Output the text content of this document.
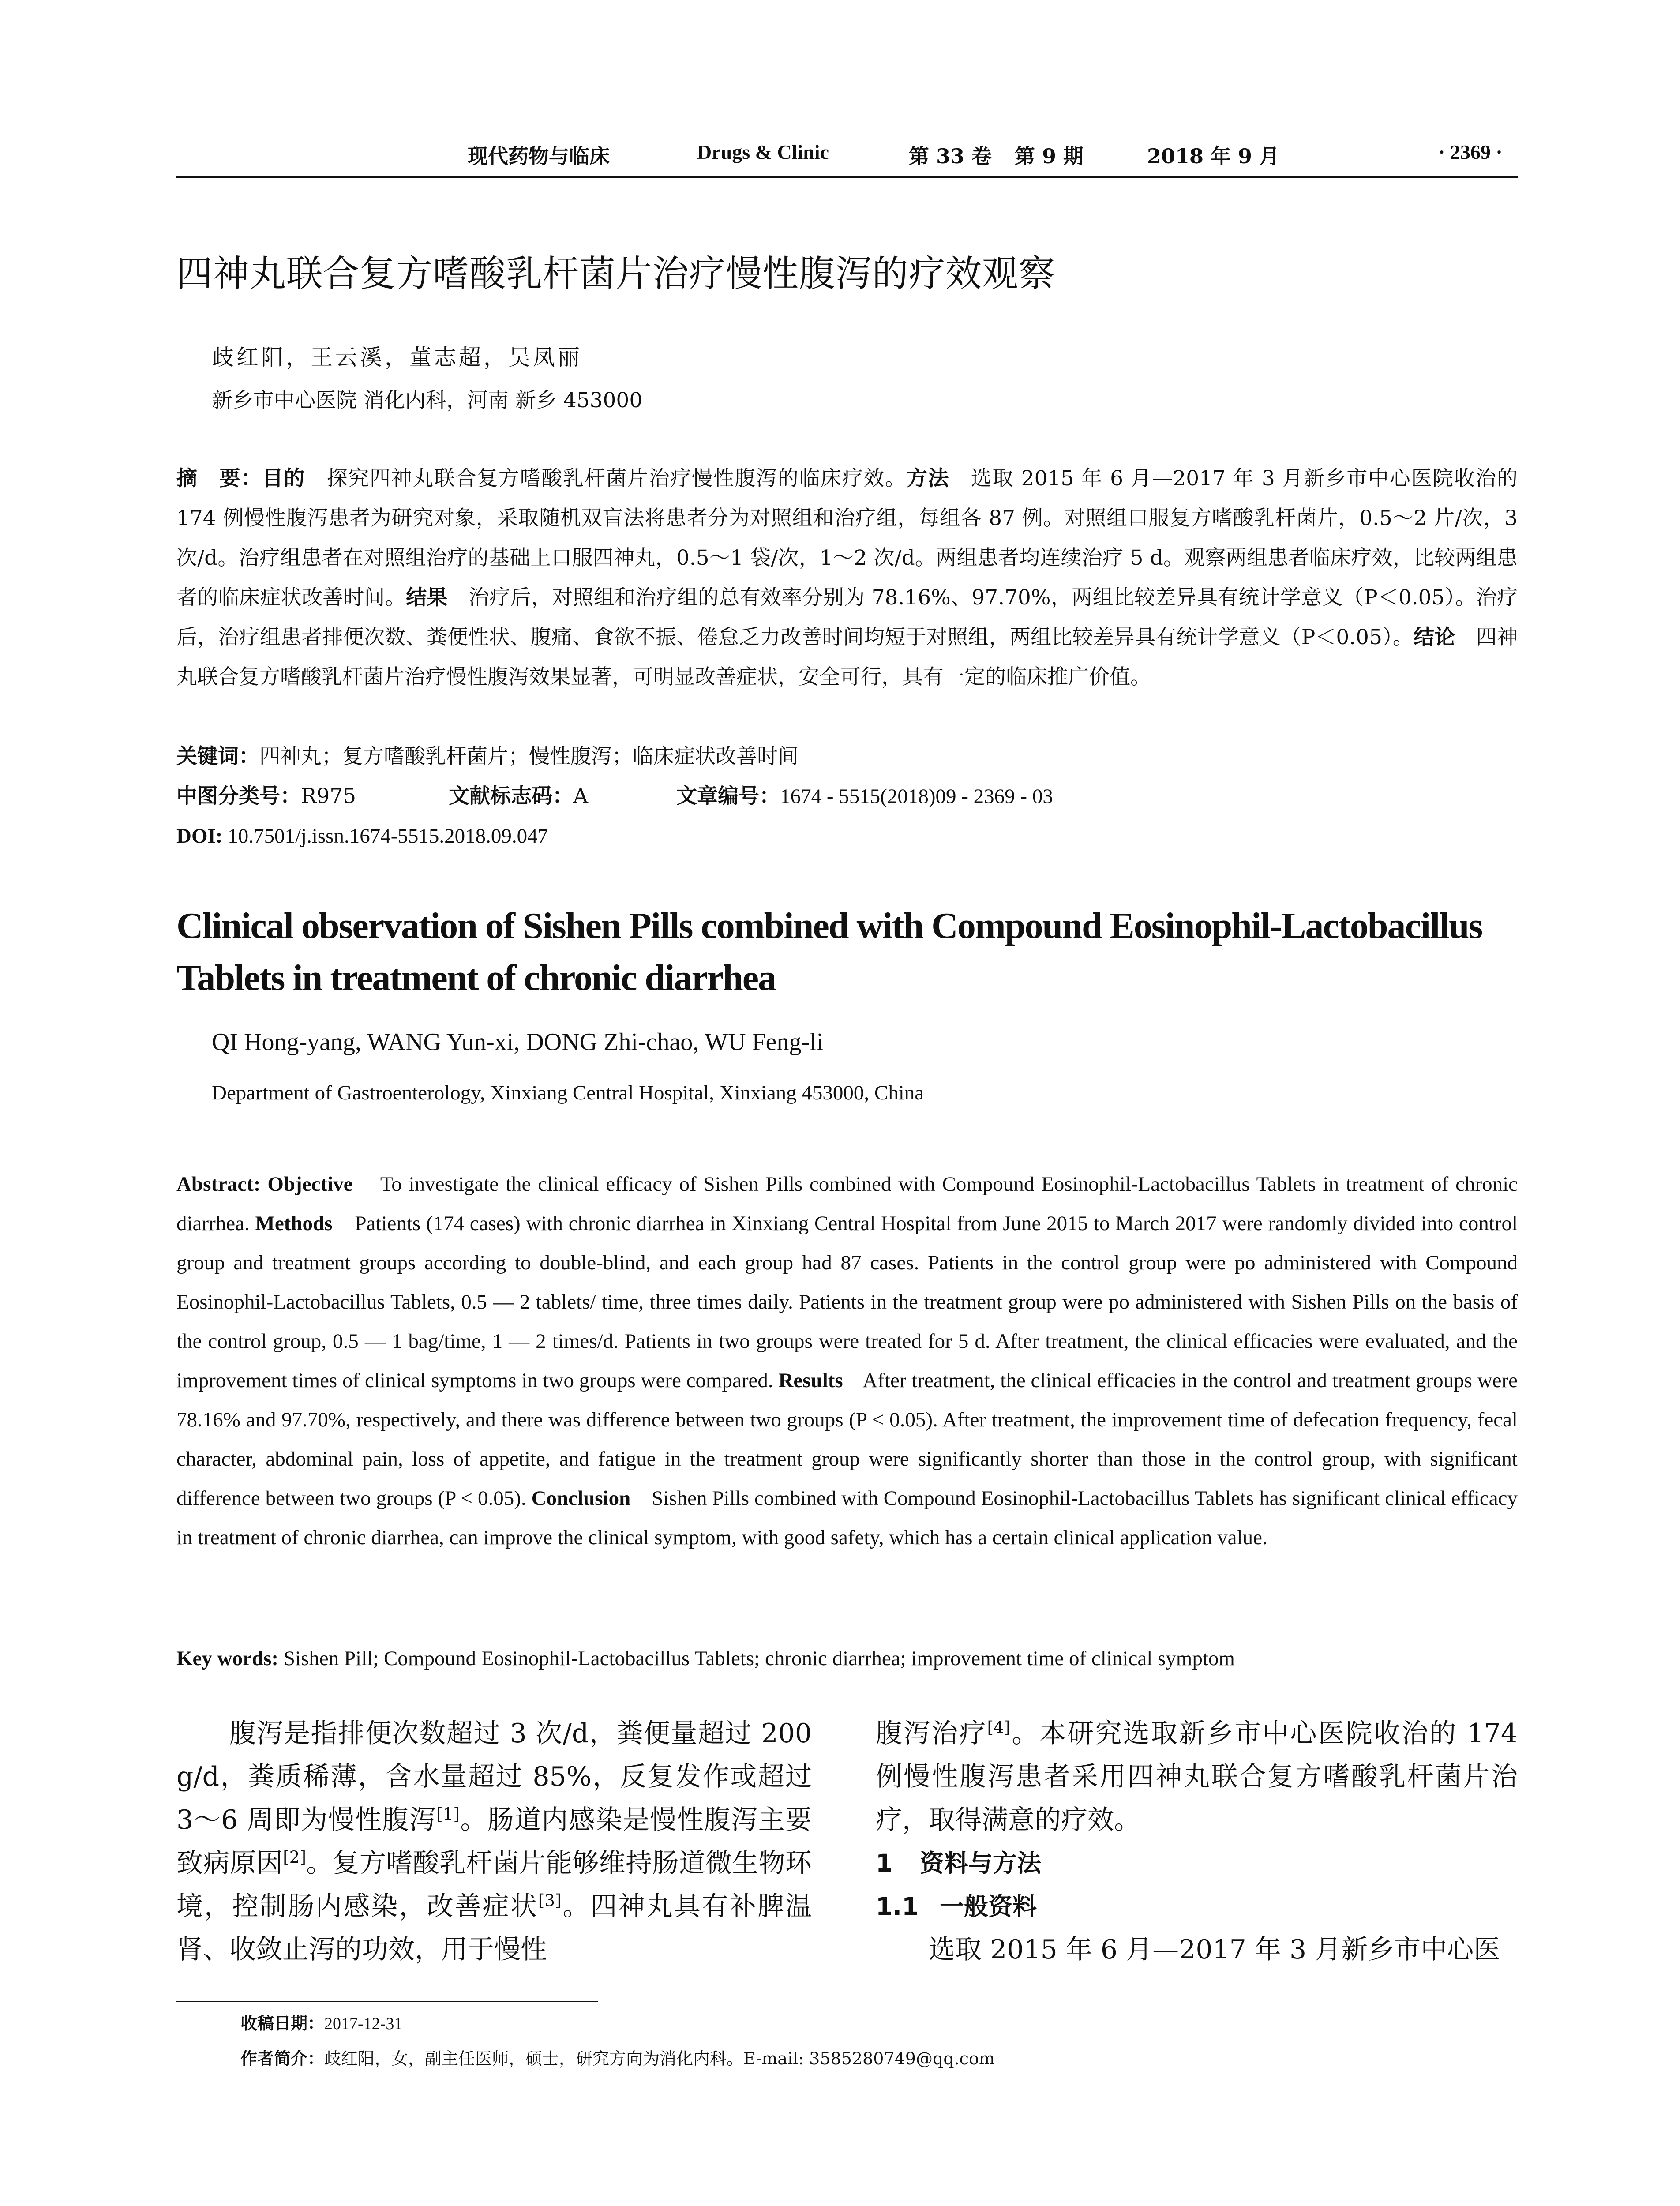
现代药物与临床	Drugs & Clinic	第 33 卷 第 9 期	2018 年 9 月	· 2369 ·
四神丸联合复方嗜酸乳杆菌片治疗慢性腹泻的疗效观察
歧红阳，王云溪，董志超，吴凤丽
新乡市中心医院 消化内科，河南 新乡 453000
摘　要：目的　 探究四神丸联合复方嗜酸乳杆菌片治疗慢性腹泻的临床疗效。方法　 选取 2015 年 6 月—2017 年 3 月新乡市中心医院收治的 174 例慢性腹泻患者为研究对象，采取随机双盲法将患者分为对照组和治疗组，每组各 87 例。对照组口服复方嗜酸乳杆菌片，0.5～2 片/次，3 次/d。治疗组患者在对照组治疗的基础上口服四神丸，0.5～1 袋/次，1～2 次/d。两组患者均连续治疗 5 d。观察两组患者临床疗效，比较两组患者的临床症状改善时间。结果　 治疗后，对照组和治疗组的总有效率分别为 78.16%、97.70%，两组比较差异具有统计学意义（P＜0.05）。治疗后，治疗组患者排便次数、粪便性状、腹痛、食欲不振、倦怠乏力改善时间均短于对照组，两组比较差异具有统计学意义（P＜0.05）。结论　 四神丸联合复方嗜酸乳杆菌片治疗慢性腹泻效果显著，可明显改善症状，安全可行，具有一定的临床推广价值。
关键词：四神丸；复方嗜酸乳杆菌片；慢性腹泻；临床症状改善时间
中图分类号：R975	文献标志码：A	文章编号：1674 - 5515(2018)09 - 2369 - 03
DOI: 10.7501/j.issn.1674-5515.2018.09.047
Clinical observation of Sishen Pills combined with Compound Eosinophil-Lactobacillus Tablets in treatment of chronic diarrhea
QI Hong-yang, WANG Yun-xi, DONG Zhi-chao, WU Feng-li
Department of Gastroenterology, Xinxiang Central Hospital, Xinxiang 453000, China
Abstract: Objective To investigate the clinical efficacy of Sishen Pills combined with Compound Eosinophil-Lactobacillus Tablets in treatment of chronic diarrhea. Methods Patients (174 cases) with chronic diarrhea in Xinxiang Central Hospital from June 2015 to March 2017 were randomly divided into control group and treatment groups according to double-blind, and each group had 87 cases. Patients in the control group were po administered with Compound Eosinophil-Lactobacillus Tablets, 0.5 — 2 tablets/ time, three times daily. Patients in the treatment group were po administered with Sishen Pills on the basis of the control group, 0.5 — 1 bag/time, 1 — 2 times/d. Patients in two groups were treated for 5 d. After treatment, the clinical efficacies were evaluated, and the improvement times of clinical symptoms in two groups were compared. Results After treatment, the clinical efficacies in the control and treatment groups were 78.16% and 97.70%, respectively, and there was difference between two groups (P < 0.05). After treatment, the improvement time of defecation frequency, fecal character, abdominal pain, loss of appetite, and fatigue in the treatment group were significantly shorter than those in the control group, with significant difference between two groups (P < 0.05). Conclusion Sishen Pills combined with Compound Eosinophil-Lactobacillus Tablets has significant clinical efficacy in treatment of chronic diarrhea, can improve the clinical symptom, with good safety, which has a certain clinical application value.
Key words: Sishen Pill; Compound Eosinophil-Lactobacillus Tablets; chronic diarrhea; improvement time of clinical symptom

腹泻是指排便次数超过 3 次/d，粪便量超过 200 g/d，粪质稀薄，含水量超过 85%，反复发作或超过 3～6 周即为慢性腹泻[1]。肠道内感染是慢性腹泻主要致病原因[2]。复方嗜酸乳杆菌片能够维持肠道微生物环境，控制肠内感染，改善症状[3]。四神丸具有补脾温肾、收敛止泻的功效，用于慢性

腹泻治疗[4]。本研究选取新乡市中心医院收治的 174 例慢性腹泻患者采用四神丸联合复方嗜酸乳杆菌片治疗，取得满意的疗效。

1 资料与方法
1.1 一般资料

选取 2015 年 6 月—2017 年 3 月新乡市中心医

收稿日期：2017-12-31
作者简介：歧红阳，女，副主任医师，硕士，研究方向为消化内科。E-mail: 3585280749@qq.com
